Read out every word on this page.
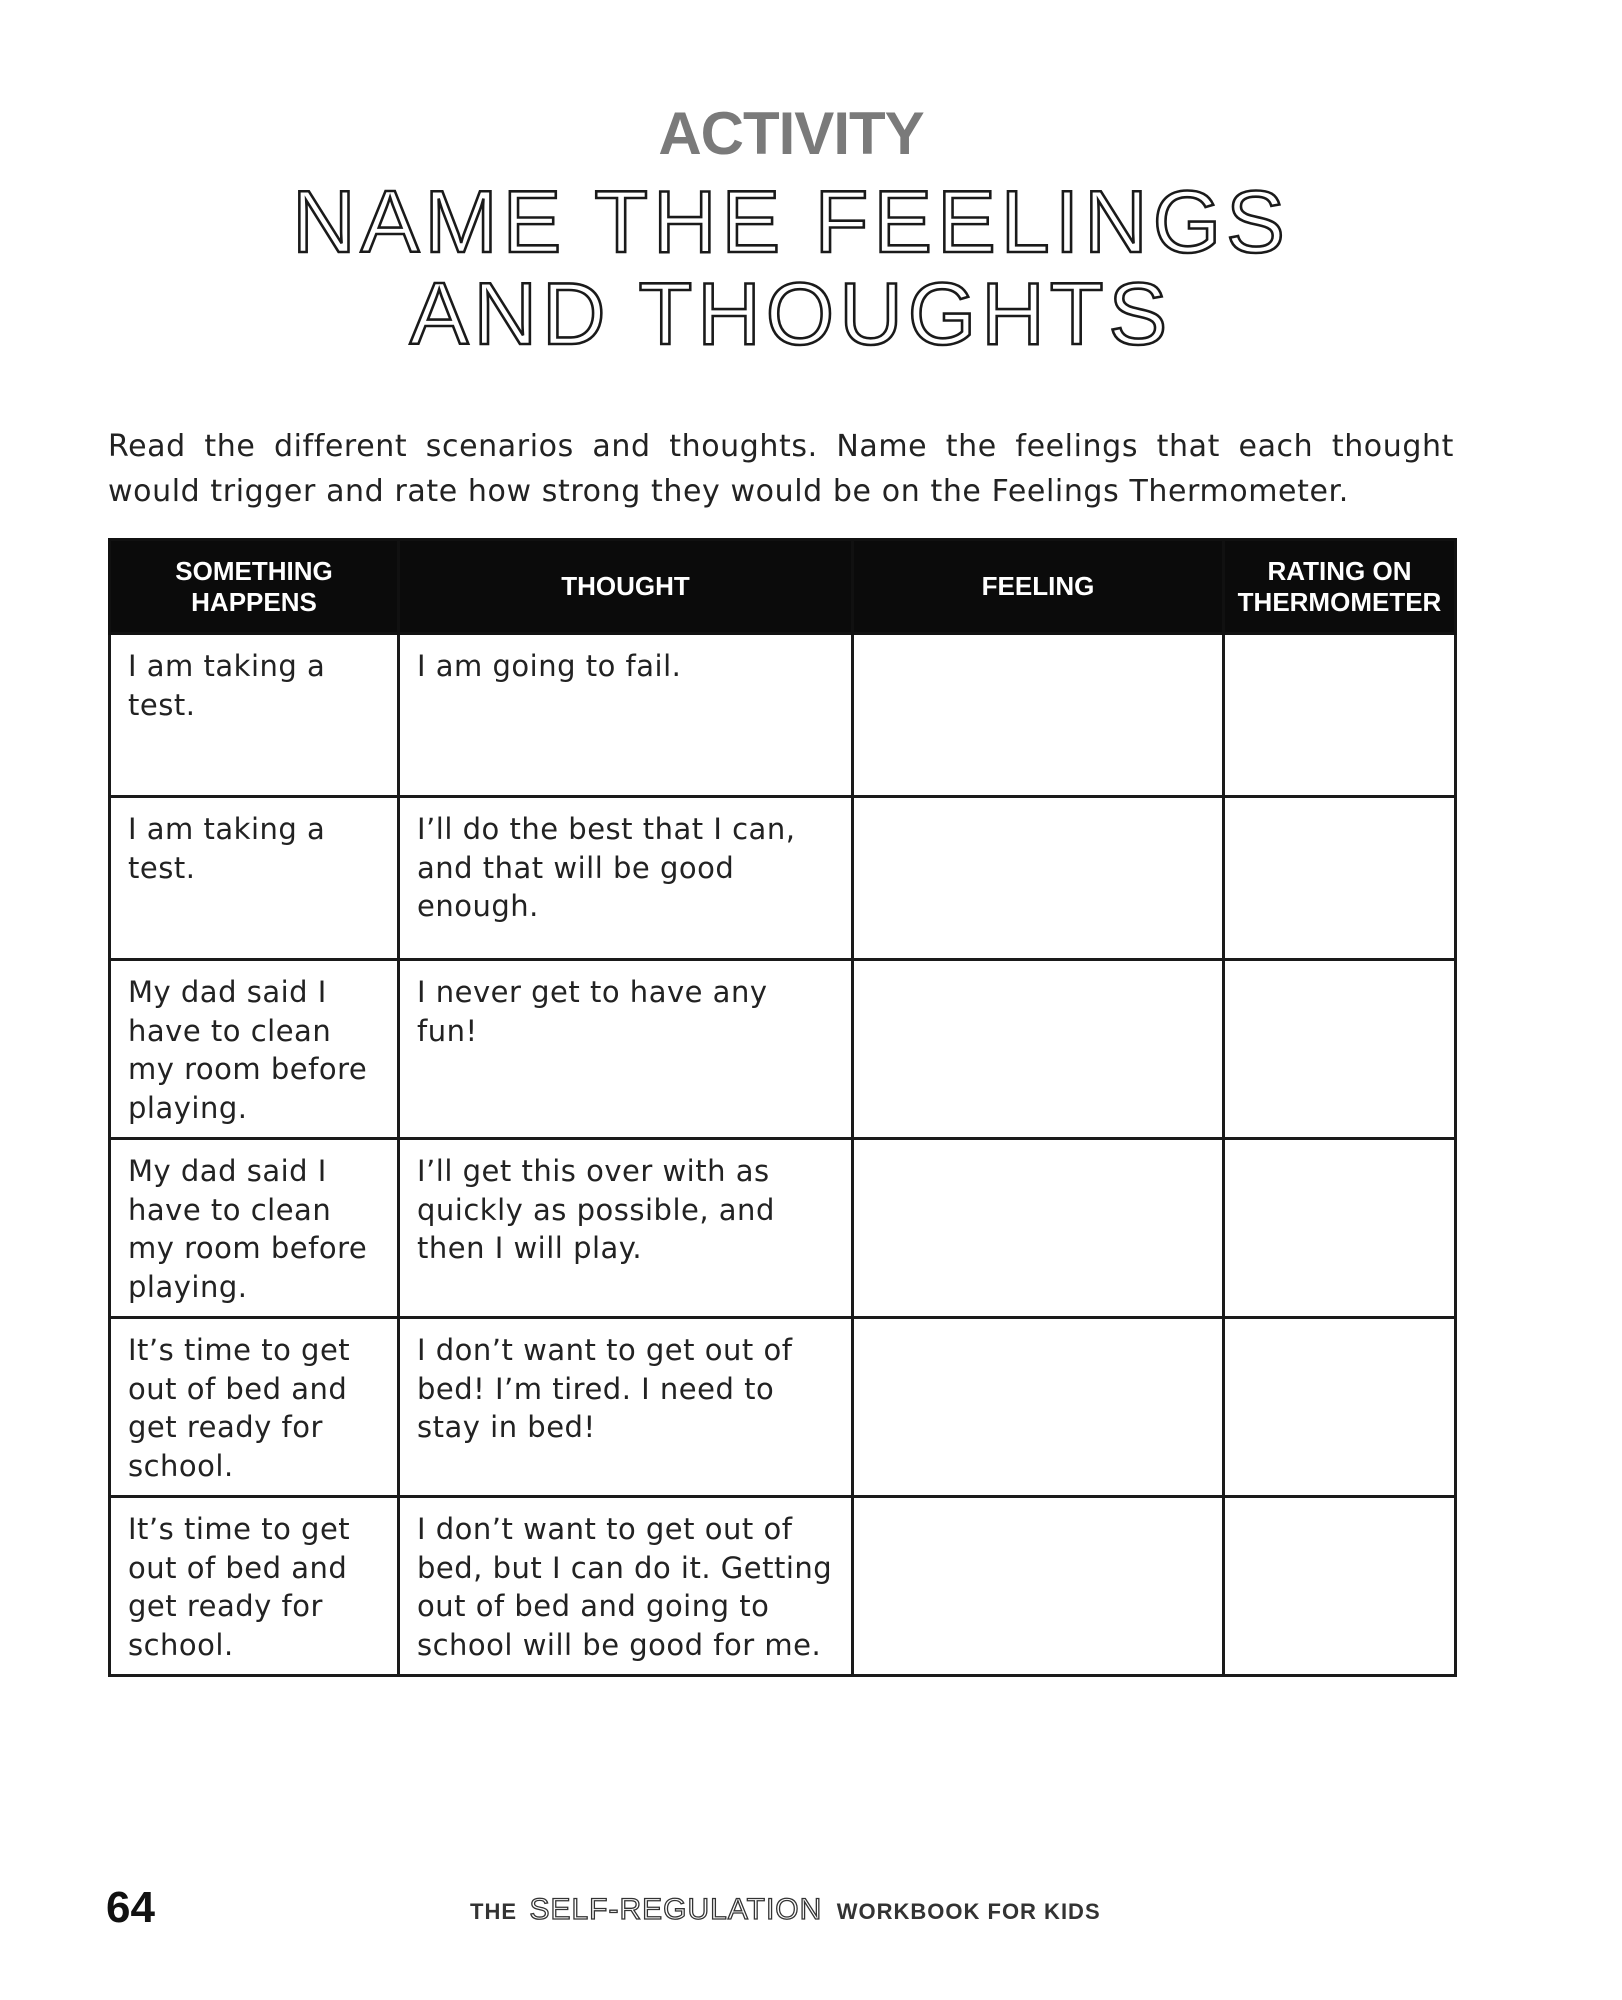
ACTIVITY
NAME THE FEELINGS
AND THOUGHTS

Read the different scenarios and thoughts. Name the feelings that each thought would trigger and rate how strong they would be on the Feelings Thermometer.

SOMETHING HAPPENS	THOUGHT	FEELING	RATING ON THERMOMETER
I am taking a test.	I am going to fail.		
I am taking a test.	I’ll do the best that I can, and that will be good enough.		
My dad said I have to clean my room before playing.	I never get to have any fun!		
My dad said I have to clean my room before playing.	I’ll get this over with as quickly as possible, and then I will play.		
It’s time to get out of bed and get ready for school.	I don’t want to get out of bed! I’m tired. I need to stay in bed!		
It’s time to get out of bed and get ready for school.	I don’t want to get out of bed, but I can do it. Getting out of bed and going to school will be good for me.		
64	THE SELF-REGULATION WORKBOOK FOR KIDS
